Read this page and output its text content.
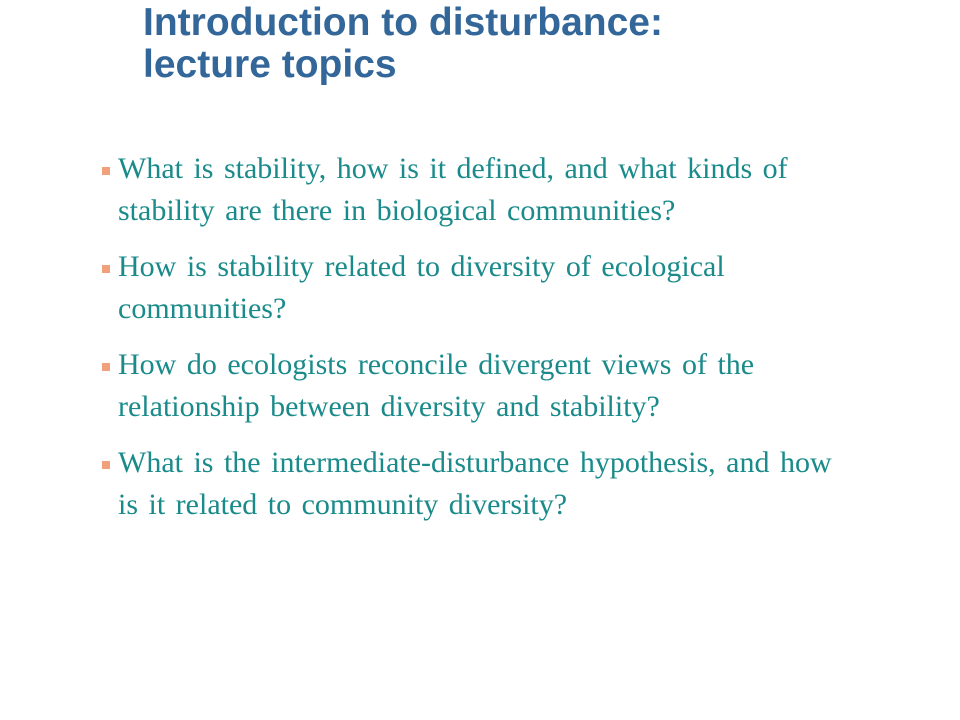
Introduction to disturbance:
lecture topics
What is stability, how is it defined, and what kinds of stability are there in biological communities?
How is stability related to diversity of ecological communities?
How do ecologists reconcile divergent views of the relationship between diversity and stability?
What is the intermediate-disturbance hypothesis, and how is it related to community diversity?
